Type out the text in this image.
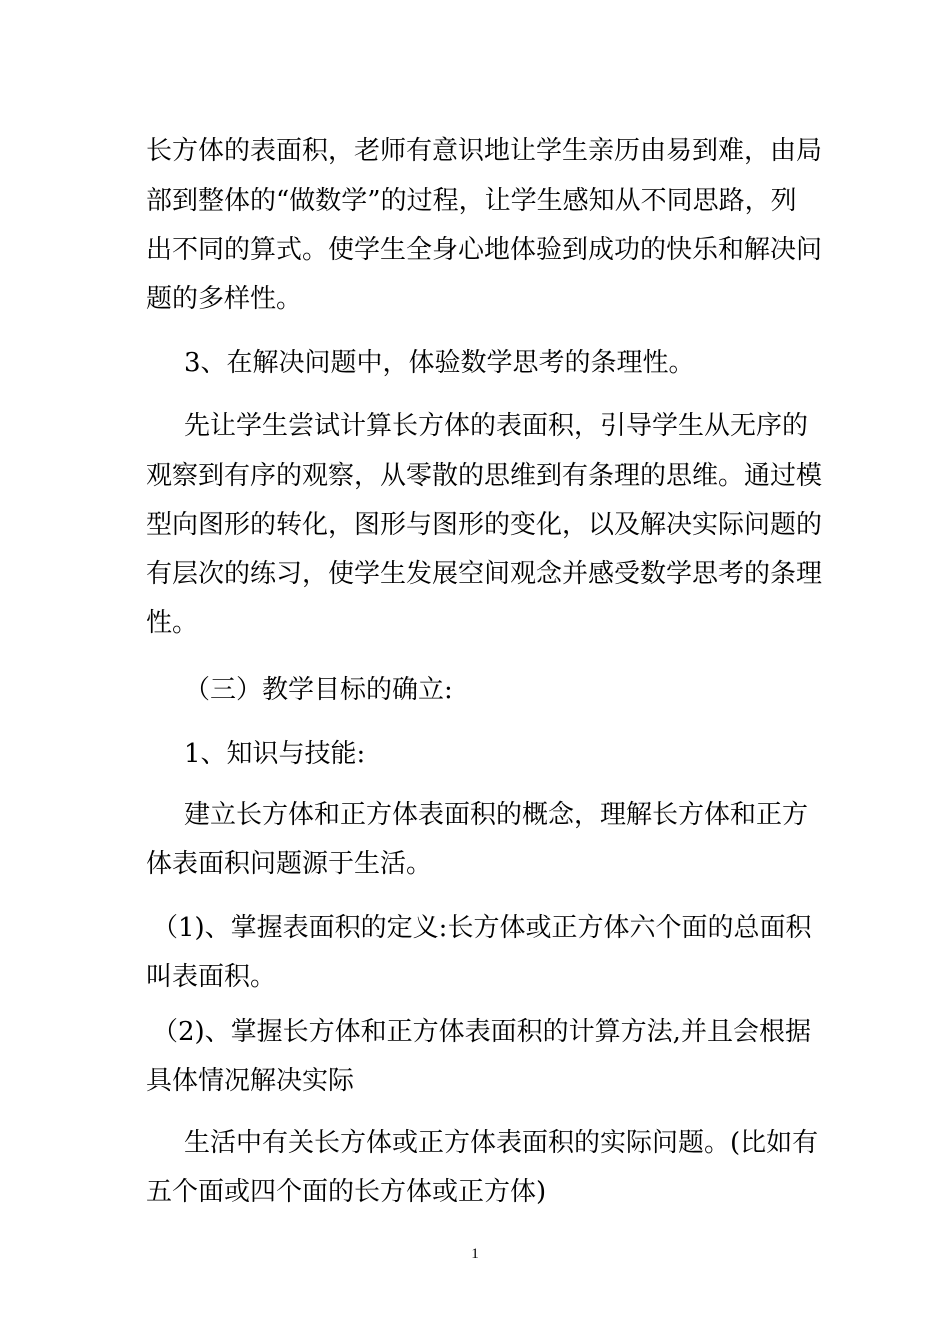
长方体的表面积，老师有意识地让学生亲历由易到难，由局
部到整体的“做数学”的过程，让学生感知从不同思路，列
出不同的算式。使学生全身心地体验到成功的快乐和解决问
题的多样性。
3、在解决问题中，体验数学思考的条理性。
先让学生尝试计算长方体的表面积，引导学生从无序的
观察到有序的观察，从零散的思维到有条理的思维。通过模
型向图形的转化，图形与图形的变化，以及解决实际问题的
有层次的练习，使学生发展空间观念并感受数学思考的条理
性。
（三）教学目标的确立:
1、知识与技能:
建立长方体和正方体表面积的概念，理解长方体和正方
体表面积问题源于生活。
（1)、掌握表面积的定义:长方体或正方体六个面的总面积
叫表面积。
（2)、掌握长方体和正方体表面积的计算方法,并且会根据
具体情况解决实际
生活中有关长方体或正方体表面积的实际问题。(比如有
五个面或四个面的长方体或正方体)
1
